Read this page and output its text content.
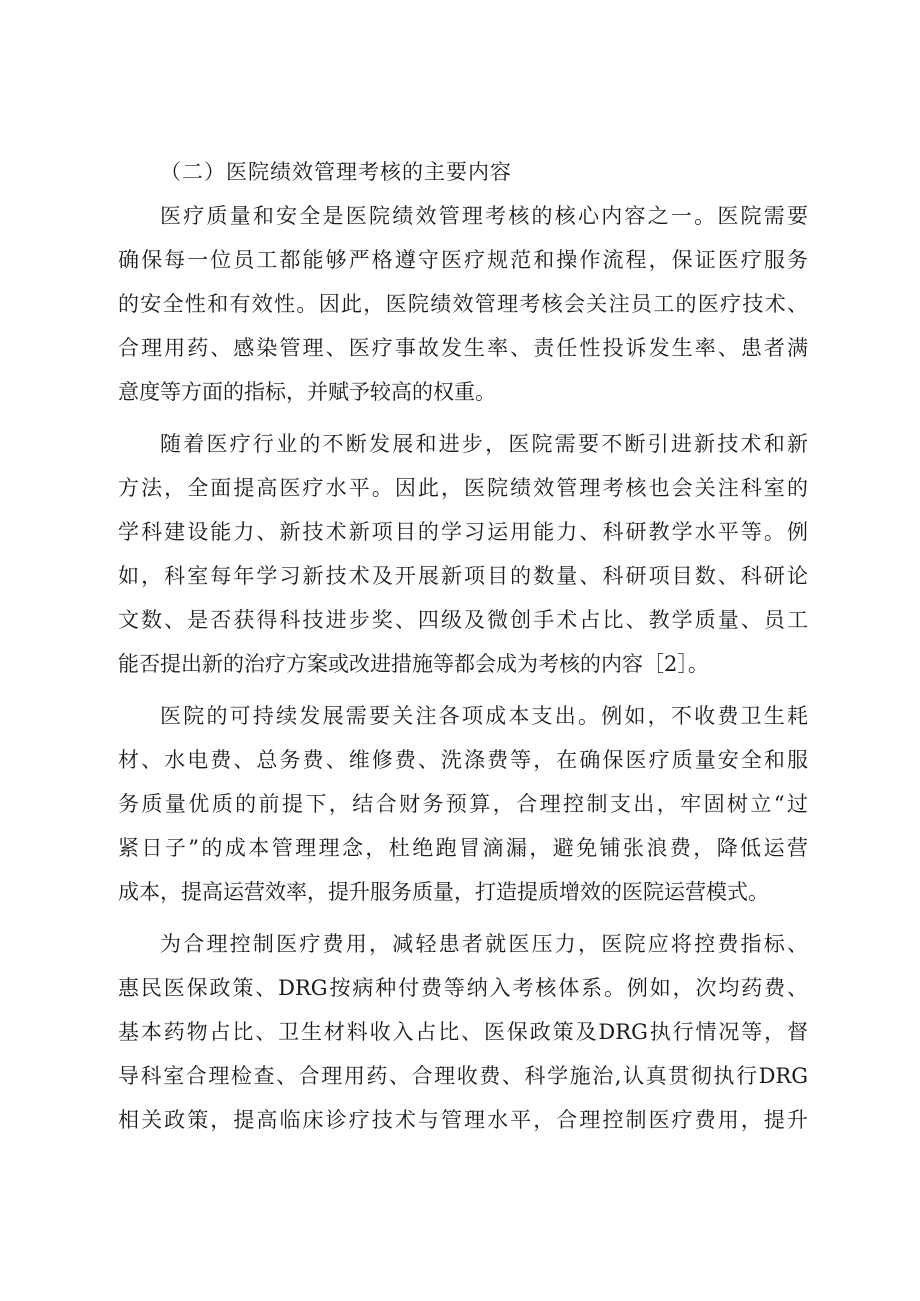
（二）医院绩效管理考核的主要内容
医疗质量和安全是医院绩效管理考核的核心内容之一。医院需要
确保每一位员工都能够严格遵守医疗规范和操作流程，保证医疗服务
的安全性和有效性。因此，医院绩效管理考核会关注员工的医疗技术、
合理用药、感染管理、医疗事故发生率、责任性投诉发生率、患者满
意度等方面的指标，并赋予较高的权重。
随着医疗行业的不断发展和进步，医院需要不断引进新技术和新
方法，全面提高医疗水平。因此，医院绩效管理考核也会关注科室的
学科建设能力、新技术新项目的学习运用能力、科研教学水平等。例
如，科室每年学习新技术及开展新项目的数量、科研项目数、科研论
文数、是否获得科技进步奖、四级及微创手术占比、教学质量、员工
能否提出新的治疗方案或改进措施等都会成为考核的内容［2］。
医院的可持续发展需要关注各项成本支出。例如，不收费卫生耗
材、水电费、总务费、维修费、洗涤费等，在确保医疗质量安全和服
务质量优质的前提下，结合财务预算，合理控制支出，牢固树立“过
紧日子”的成本管理理念，杜绝跑冒滴漏，避免铺张浪费，降低运营
成本，提高运营效率，提升服务质量，打造提质增效的医院运营模式。
为合理控制医疗费用，减轻患者就医压力，医院应将控费指标、
惠民医保政策、DRG按病种付费等纳入考核体系。例如，次均药费、
基本药物占比、卫生材料收入占比、医保政策及DRG执行情况等，督
导科室合理检查、合理用药、合理收费、科学施治,认真贯彻执行DRG
相关政策，提高临床诊疗技术与管理水平，合理控制医疗费用，提升
